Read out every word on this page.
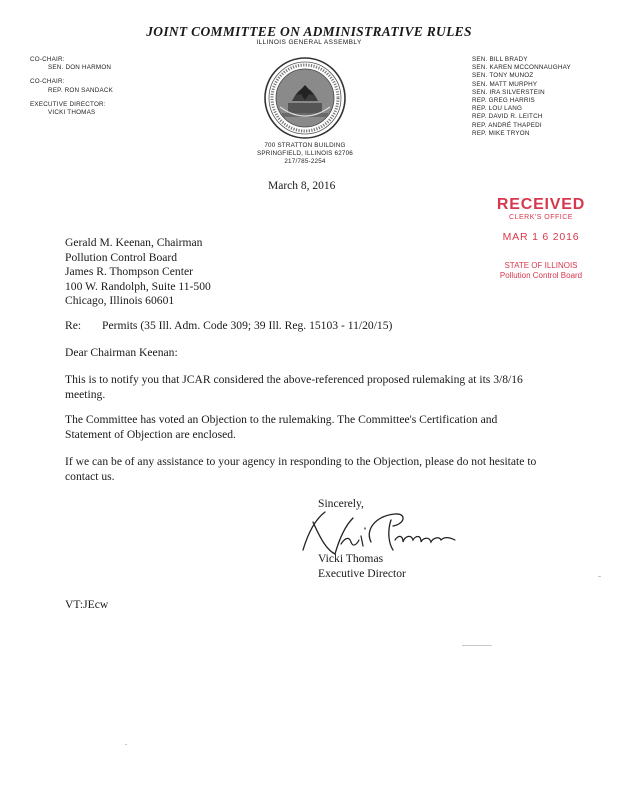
JOINT COMMITTEE ON ADMINISTRATIVE RULES
ILLINOIS GENERAL ASSEMBLY
CO-CHAIR:
SEN. DON HARMON
CO-CHAIR:
REP. RON SANDACK
EXECUTIVE DIRECTOR:
VICKI THOMAS
SEN. BILL BRADY
SEN. KAREN MCCONNAUGHAY
SEN. TONY MUNOZ
SEN. MATT MURPHY
SEN. IRA SILVERSTEIN
REP. GREG HARRIS
REP. LOU LANG
REP. DAVID R. LEITCH
REP. ANDRÉ THAPEDI
REP. MIKE TRYON
700 STRATTON BUILDING
SPRINGFIELD, ILLINOIS 62706
217/785-2254
March 8, 2016
RECEIVED
CLERK'S OFFICE
MAR 1 6 2016
STATE OF ILLINOIS
Pollution Control Board
Gerald M. Keenan, Chairman
Pollution Control Board
James R. Thompson Center
100 W. Randolph, Suite 11-500
Chicago, Illinois 60601
Re: Permits (35 Ill. Adm. Code 309; 39 Ill. Reg. 15103 - 11/20/15)
Dear Chairman Keenan:
This is to notify you that JCAR considered the above-referenced proposed rulemaking at its 3/8/16 meeting.
The Committee has voted an Objection to the rulemaking. The Committee's Certification and Statement of Objection are enclosed.
If we can be of any assistance to your agency in responding to the Objection, please do not hesitate to contact us.
Sincerely,
Vicki Thomas
Executive Director
VT:JEcw
